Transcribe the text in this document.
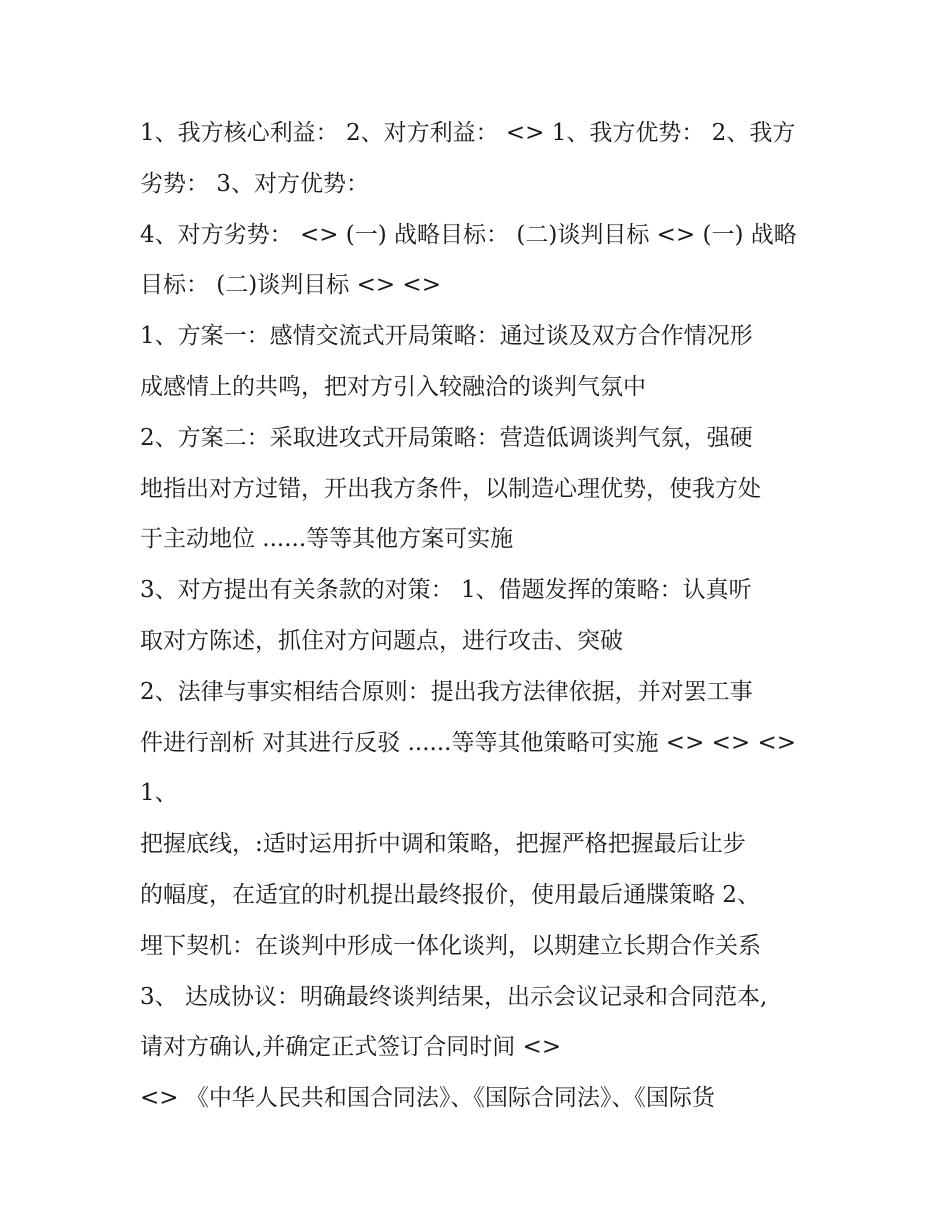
1、我方核心利益： 2、对方利益： <> 1、我方优势： 2、我方
劣势： 3、对方优势：
4、对方劣势： <> (一) 战略目标： (二)谈判目标 <> (一) 战略
目标： (二)谈判目标 <> <>
1、方案一：感情交流式开局策略：通过谈及双方合作情况形
成感情上的共鸣，把对方引入较融洽的谈判气氛中
2、方案二：采取进攻式开局策略：营造低调谈判气氛，强硬
地指出对方过错，开出我方条件，以制造心理优势，使我方处
于主动地位 ......等等其他方案可实施
3、对方提出有关条款的对策： 1、借题发挥的策略：认真听
取对方陈述，抓住对方问题点，进行攻击、突破
2、法律与事实相结合原则：提出我方法律依据，并对罢工事
件进行剖析 对其进行反驳 ......等等其他策略可实施 <> <> <>
1、
把握底线，:适时运用折中调和策略，把握严格把握最后让步
的幅度，在适宜的时机提出最终报价，使用最后通牒策略 2、
埋下契机：在谈判中形成一体化谈判，以期建立长期合作关系
3、 达成协议：明确最终谈判结果，出示会议记录和合同范本,
请对方确认,并确定正式签订合同时间 <>
<> 《中华人民共和国合同法》、《国际合同法》、《国际货
